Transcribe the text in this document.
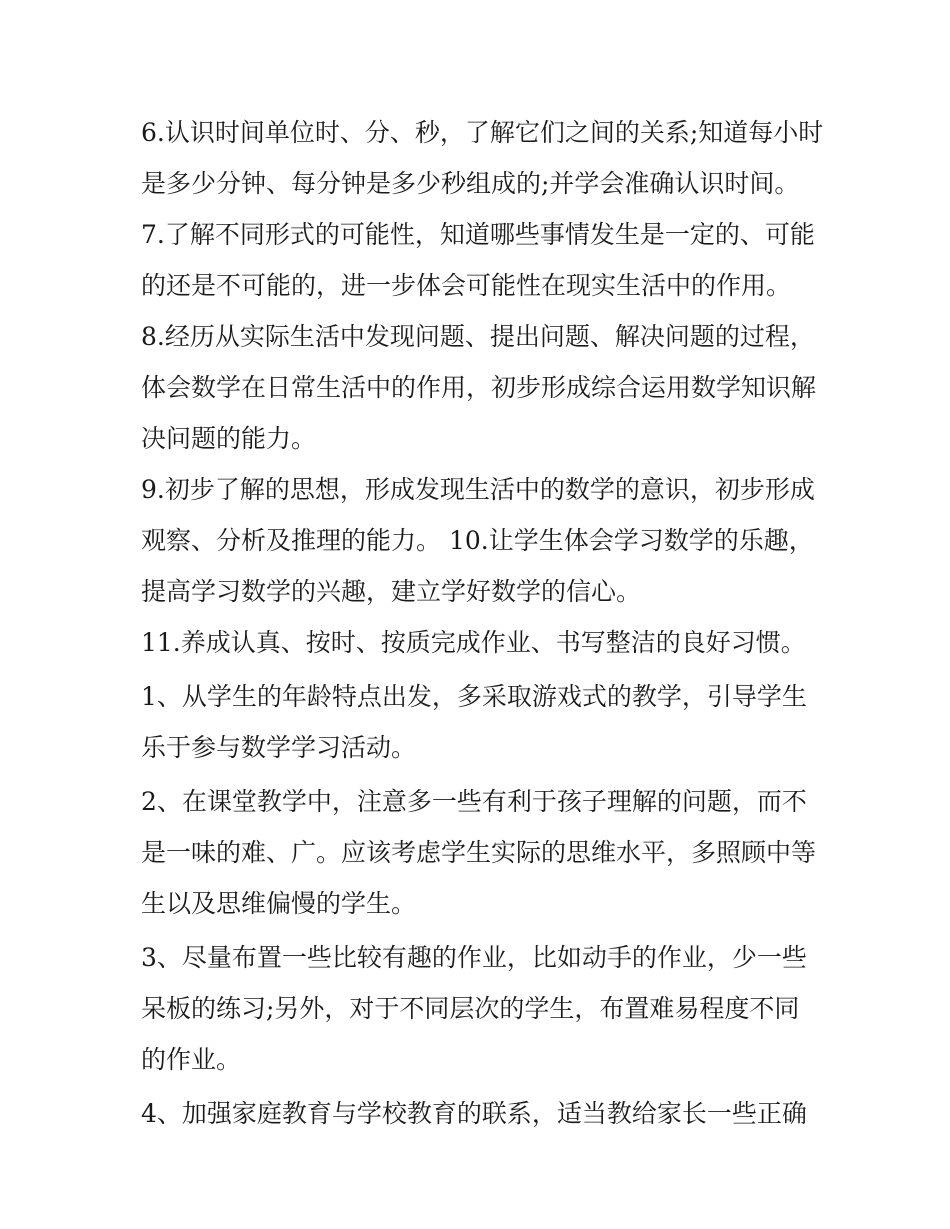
6.认识时间单位时、分、秒，了解它们之间的关系;知道每小时
是多少分钟、每分钟是多少秒组成的;并学会准确认识时间。
7.了解不同形式的可能性，知道哪些事情发生是一定的、可能
的还是不可能的，进一步体会可能性在现实生活中的作用。
8.经历从实际生活中发现问题、提出问题、解决问题的过程，
体会数学在日常生活中的作用，初步形成综合运用数学知识解
决问题的能力。
9.初步了解的思想，形成发现生活中的数学的意识，初步形成
观察、分析及推理的能力。 10.让学生体会学习数学的乐趣，
提高学习数学的兴趣，建立学好数学的信心。
11.养成认真、按时、按质完成作业、书写整洁的良好习惯。
1、从学生的年龄特点出发，多采取游戏式的教学，引导学生
乐于参与数学学习活动。
2、在课堂教学中，注意多一些有利于孩子理解的问题，而不
是一味的难、广。应该考虑学生实际的思维水平，多照顾中等
生以及思维偏慢的学生。
3、尽量布置一些比较有趣的作业，比如动手的作业，少一些
呆板的练习;另外，对于不同层次的学生，布置难易程度不同
的作业。
4、加强家庭教育与学校教育的联系，适当教给家长一些正确
